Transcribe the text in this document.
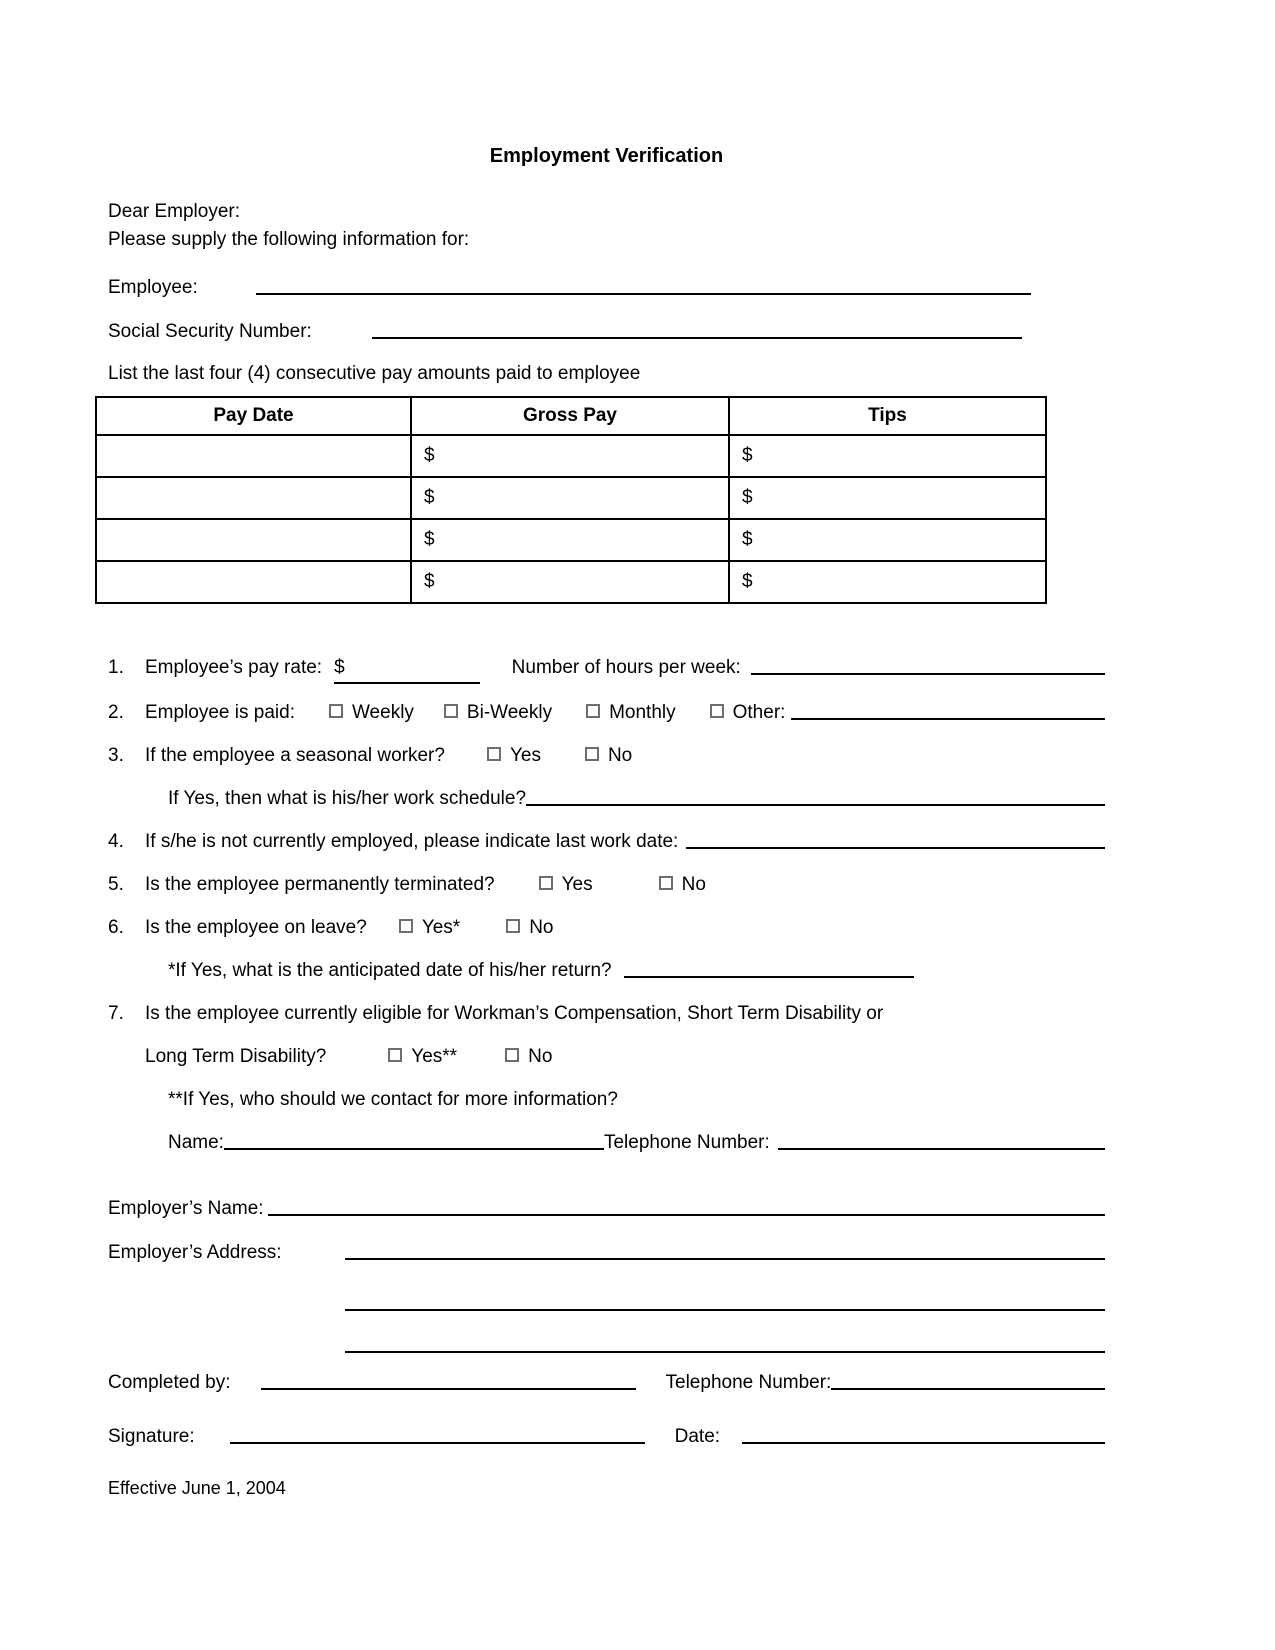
Employment Verification

Dear Employer:

Please supply the following information for:

Employee:
Social Security Number:

List the last four (4) consecutive pay amounts paid to employee

Pay Date	Gross Pay	Tips
	$	$
	$	$
	$	$
	$	$
1.	Employee’s pay rate: $	Number of hours per week:
2.	Employee is paid:	Weekly	Bi-Weekly	Monthly	Other:
3.	If the employee a seasonal worker?	Yes	No
If Yes, then what is his/her work schedule?
4.	If s/he is not currently employed, please indicate last work date:
5.	Is the employee permanently terminated?	Yes	No
6.	Is the employee on leave?	Yes*	No
*If Yes, what is the anticipated date of his/her return?
7.	Is the employee currently eligible for Workman’s Compensation, Short Term Disability or
Long Term Disability?	Yes**	No
**If Yes, who should we contact for more information?
Name:	Telephone Number:
Employer’s Name:
Employer’s Address:
Completed by:	Telephone Number:
Signature:	Date:
Effective June 1, 2004
